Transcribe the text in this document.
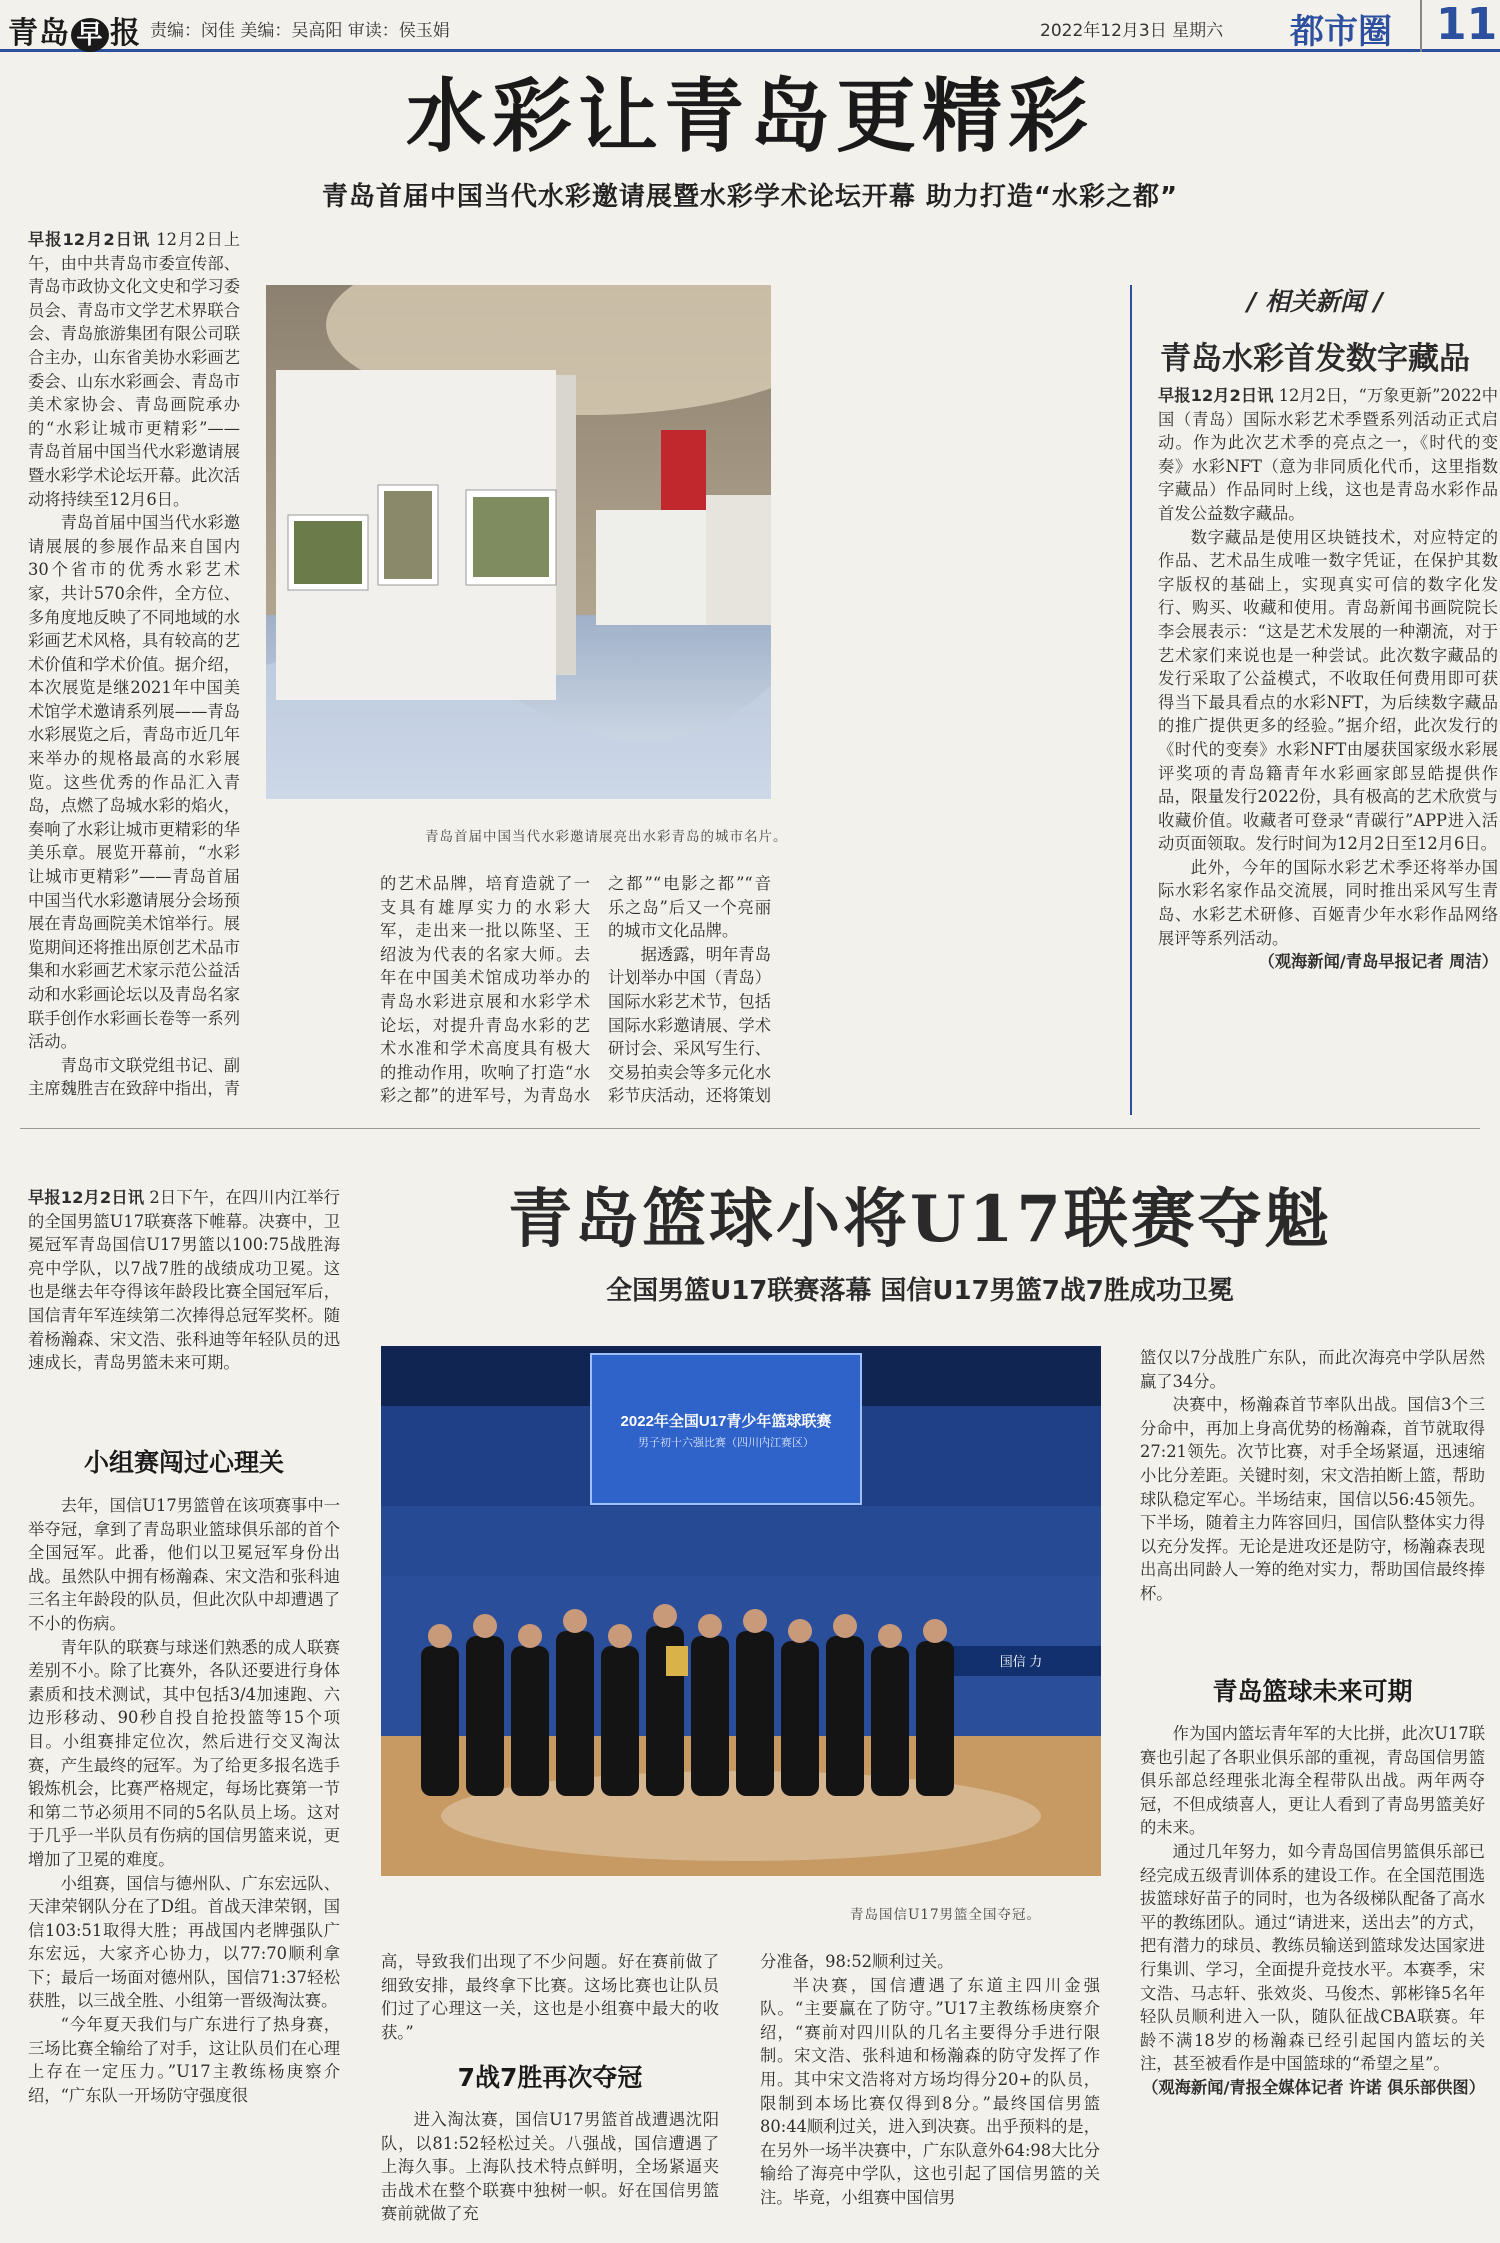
青岛 早 报 责编：闵佳 美编：吴高阳 审读：侯玉娟	2022年12月3日 星期六 都市圈	11
水彩让青岛更精彩
青岛首届中国当代水彩邀请展暨水彩学术论坛开幕 助力打造“水彩之都”

早报12月2日讯 12月2日上午，由中共青岛市委宣传部、青岛市政协文化文史和学习委员会、青岛市文学艺术界联合会、青岛旅游集团有限公司联合主办，山东省美协水彩画艺委会、山东水彩画会、青岛市美术家协会、青岛画院承办的“水彩让城市更精彩”——青岛首届中国当代水彩邀请展暨水彩学术论坛开幕。此次活动将持续至12月6日。

青岛首届中国当代水彩邀请展展的参展作品来自国内30个省市的优秀水彩艺术家，共计570余件，全方位、多角度地反映了不同地域的水彩画艺术风格，具有较高的艺术价值和学术价值。据介绍，本次展览是继2021年中国美术馆学术邀请系列展——青岛水彩展览之后，青岛市近几年来举办的规格最高的水彩展览。这些优秀的作品汇入青岛，点燃了岛城水彩的焰火，奏响了水彩让城市更精彩的华美乐章。展览开幕前，“水彩让城市更精彩”——青岛首届中国当代水彩邀请展分会场预展在青岛画院美术馆举行。展览期间还将推出原创艺术品市集和水彩画艺术家示范公益活动和水彩画论坛以及青岛名家联手创作水彩画长卷等一系列活动。

青岛市文联党组书记、副主席魏胜吉在致辞中指出，青

青岛首届中国当代水彩邀请展亮出水彩青岛的城市名片。

的艺术品牌，培育造就了一支具有雄厚实力的水彩大军，走出来一批以陈坚、王绍波为代表的名家大师。去年在中国美术馆成功举办的青岛水彩进京展和水彩学术论坛，对提升青岛水彩的艺术水准和学术高度具有极大的推动作用，吹响了打造“水彩之都”的进军号，为青岛水

之都”“电影之都”“音乐之岛”后又一个亮丽的城市文化品牌。

据透露，明年青岛计划举办中国（青岛）国际水彩艺术节，包括国际水彩邀请展、学术研讨会、采风写生行、交易拍卖会等多元化水彩节庆活动，还将策划

/ 相关新闻 /
青岛水彩首发数字藏品

早报12月2日讯 12月2日，“万象更新”2022中国（青岛）国际水彩艺术季暨系列活动正式启动。作为此次艺术季的亮点之一，《时代的变奏》水彩NFT（意为非同质化代币，这里指数字藏品）作品同时上线，这也是青岛水彩作品首发公益数字藏品。

数字藏品是使用区块链技术，对应特定的作品、艺术品生成唯一数字凭证，在保护其数字版权的基础上，实现真实可信的数字化发行、购买、收藏和使用。青岛新闻书画院院长李会展表示：“这是艺术发展的一种潮流，对于艺术家们来说也是一种尝试。此次数字藏品的发行采取了公益模式，不收取任何费用即可获得当下最具看点的水彩NFT，为后续数字藏品的推广提供更多的经验。”据介绍，此次发行的《时代的变奏》水彩NFT由屡获国家级水彩展评奖项的青岛籍青年水彩画家郎昱皓提供作品，限量发行2022份，具有极高的艺术欣赏与收藏价值。收藏者可登录“青碳行”APP进入活动页面领取。发行时间为12月2日至12月6日。

此外，今年的国际水彩艺术季还将举办国际水彩名家作品交流展，同时推出采风写生青岛、水彩艺术研修、百姬青少年水彩作品网络展评等系列活动。

（观海新闻/青岛早报记者 周洁）

早报12月2日讯 2日下午，在四川内江举行的全国男篮U17联赛落下帷幕。决赛中，卫冕冠军青岛国信U17男篮以100:75战胜海亮中学队，以7战7胜的战绩成功卫冕。这也是继去年夺得该年龄段比赛全国冠军后，国信青年军连续第二次捧得总冠军奖杯。随着杨瀚森、宋文浩、张科迪等年轻队员的迅速成长，青岛男篮未来可期。

青岛篮球小将U17联赛夺魁
全国男篮U17联赛落幕 国信U17男篮7战7胜成功卫冕
小组赛闯过心理关

去年，国信U17男篮曾在该项赛事中一举夺冠，拿到了青岛职业篮球俱乐部的首个全国冠军。此番，他们以卫冕冠军身份出战。虽然队中拥有杨瀚森、宋文浩和张科迪三名主年龄段的队员，但此次队中却遭遇了不小的伤病。

青年队的联赛与球迷们熟悉的成人联赛差别不小。除了比赛外，各队还要进行身体素质和技术测试，其中包括3/4加速跑、六边形移动、90秒自投自抢投篮等15个项目。小组赛排定位次，然后进行交叉淘汰赛，产生最终的冠军。为了给更多报名选手锻炼机会，比赛严格规定，每场比赛第一节和第二节必须用不同的5名队员上场。这对于几乎一半队员有伤病的国信男篮来说，更增加了卫冕的难度。

小组赛，国信与德州队、广东宏远队、天津荣钢队分在了D组。首战天津荣钢，国信103:51取得大胜；再战国内老牌强队广东宏远，大家齐心协力，以77:70顺利拿下；最后一场面对德州队，国信71:37轻松获胜，以三战全胜、小组第一晋级淘汰赛。

“今年夏天我们与广东进行了热身赛，三场比赛全输给了对手，这让队员们在心理上存在一定压力。”U17主教练杨庚察介绍，“广东队一开场防守强度很

2022年全国U17青少年篮球联赛
男子初十六强比赛（四川内江赛区）
国信 力
青岛国信U17男篮全国夺冠。

高，导致我们出现了不少问题。好在赛前做了细致安排，最终拿下比赛。这场比赛也让队员们过了心理这一关，这也是小组赛中最大的收获。”

7战7胜再次夺冠

进入淘汰赛，国信U17男篮首战遭遇沈阳队，以81:52轻松过关。八强战，国信遭遇了上海久事。上海队技术特点鲜明，全场紧逼夹击战术在整个联赛中独树一帜。好在国信男篮赛前就做了充

分准备，98:52顺利过关。

半决赛，国信遭遇了东道主四川金强队。“主要赢在了防守。”U17主教练杨庚察介绍，“赛前对四川队的几名主要得分手进行限制。宋文浩、张科迪和杨瀚森的防守发挥了作用。其中宋文浩将对方场均得分20+的队员，限制到本场比赛仅得到8分。”最终国信男篮80:44顺利过关，进入到决赛。出乎预料的是，在另外一场半决赛中，广东队意外64:98大比分输给了海亮中学队，这也引起了国信男篮的关注。毕竟，小组赛中国信男

篮仅以7分战胜广东队，而此次海亮中学队居然赢了34分。

决赛中，杨瀚森首节率队出战。国信3个三分命中，再加上身高优势的杨瀚森，首节就取得27:21领先。次节比赛，对手全场紧逼，迅速缩小比分差距。关键时刻，宋文浩拍断上篮，帮助球队稳定军心。半场结束，国信以56:45领先。下半场，随着主力阵容回归，国信队整体实力得以充分发挥。无论是进攻还是防守，杨瀚森表现出高出同龄人一筹的绝对实力，帮助国信最终捧杯。

青岛篮球未来可期

作为国内篮坛青年军的大比拼，此次U17联赛也引起了各职业俱乐部的重视，青岛国信男篮俱乐部总经理张北海全程带队出战。两年两夺冠，不但成绩喜人，更让人看到了青岛男篮美好的未来。

通过几年努力，如今青岛国信男篮俱乐部已经完成五级青训体系的建设工作。在全国范围选拔篮球好苗子的同时，也为各级梯队配备了高水平的教练团队。通过“请进来，送出去”的方式，把有潜力的球员、教练员输送到篮球发达国家进行集训、学习，全面提升竞技水平。本赛季，宋文浩、马志轩、张效炎、马俊杰、郭彬锋5名年轻队员顺利进入一队，随队征战CBA联赛。年龄不满18岁的杨瀚森已经引起国内篮坛的关注，甚至被看作是中国篮球的“希望之星”。

（观海新闻/青报全媒体记者 许诺 俱乐部供图）
